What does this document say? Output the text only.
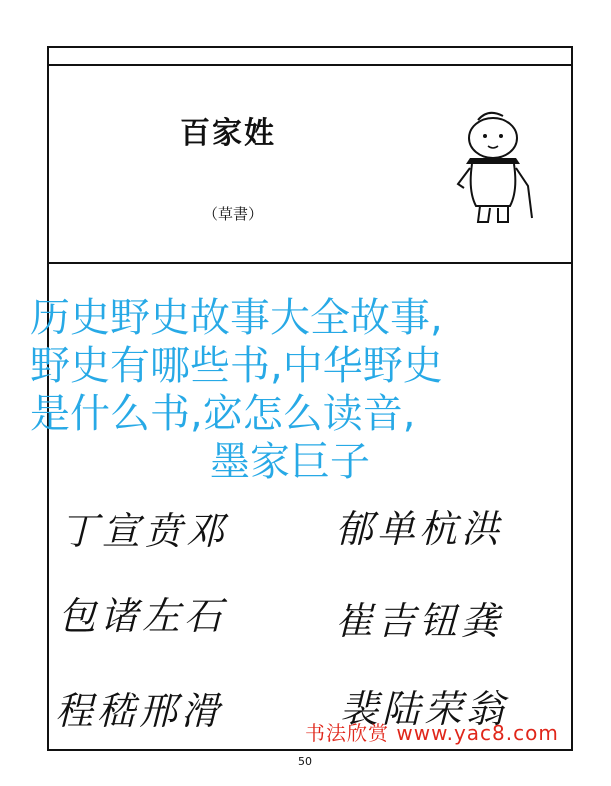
百家姓
（草書）
丁宣贲邓	郁单杭洪
包诸左石	崔吉钮龚
程嵇邢滑	裴陆荣翁
历史野史故事大全故事,
野史有哪些书,中华野史
是什么书,宓怎么读音,

墨家巨子
书法欣赏 www.yac8.com
50
